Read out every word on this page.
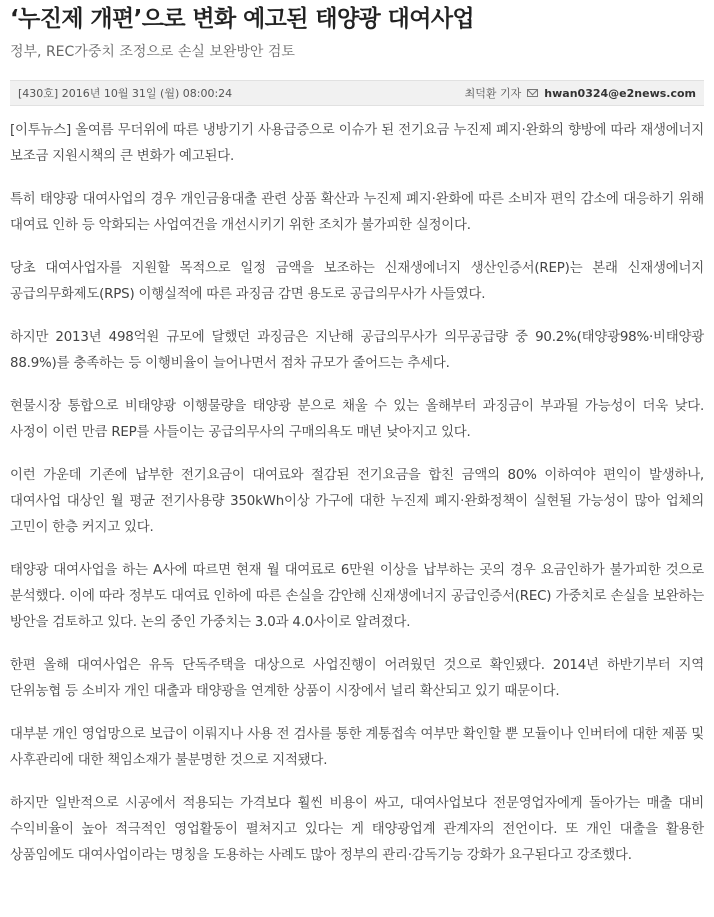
‘누진제 개편’으로 변화 예고된 태양광 대여사업
정부, REC가중치 조정으로 손실 보완방안 검토
[430호] 2016년 10월 31일 (월) 08:00:24	최덕환 기자 hwan0324@e2news.com

[이투뉴스] 올여름 무더위에 따른 냉방기기 사용급증으로 이슈가 된 전기요금 누진제 폐지·완화의 향방에 따라 재생에너지 보조금 지원시책의 큰 변화가 예고된다.

특히 태양광 대여사업의 경우 개인금융대출 관련 상품 확산과 누진제 폐지·완화에 따른 소비자 편익 감소에 대응하기 위해 대여료 인하 등 악화되는 사업여건을 개선시키기 위한 조치가 불가피한 실정이다.

당초 대여사업자를 지원할 목적으로 일정 금액을 보조하는 신재생에너지 생산인증서(REP)는 본래 신재생에너지 공급의무화제도(RPS) 이행실적에 따른 과징금 감면 용도로 공급의무사가 사들였다.

하지만 2013년 498억원 규모에 달했던 과징금은 지난해 공급의무사가 의무공급량 중 90.2%(태양광98%·비태양광 88.9%)를 충족하는 등 이행비율이 늘어나면서 점차 규모가 줄어드는 추세다.

현물시장 통합으로 비태양광 이행물량을 태양광 분으로 채울 수 있는 올해부터 과징금이 부과될 가능성이 더욱 낮다. 사정이 이런 만큼 REP를 사들이는 공급의무사의 구매의욕도 매년 낮아지고 있다.

이런 가운데 기존에 납부한 전기요금이 대여료와 절감된 전기요금을 합친 금액의 80% 이하여야 편익이 발생하나, 대여사업 대상인 월 평균 전기사용량 350kWh이상 가구에 대한 누진제 폐지·완화정책이 실현될 가능성이 많아 업체의 고민이 한층 커지고 있다.

태양광 대여사업을 하는 A사에 따르면 현재 월 대여료로 6만원 이상을 납부하는 곳의 경우 요금인하가 불가피한 것으로 분석했다. 이에 따라 정부도 대여료 인하에 따른 손실을 감안해 신재생에너지 공급인증서(REC) 가중치로 손실을 보완하는 방안을 검토하고 있다. 논의 중인 가중치는 3.0과 4.0사이로 알려졌다.

한편 올해 대여사업은 유독 단독주택을 대상으로 사업진행이 어려웠던 것으로 확인됐다. 2014년 하반기부터 지역 단위농협 등 소비자 개인 대출과 태양광을 연계한 상품이 시장에서 널리 확산되고 있기 때문이다.

대부분 개인 영업망으로 보급이 이뤄지나 사용 전 검사를 통한 계통접속 여부만 확인할 뿐 모듈이나 인버터에 대한 제품 및 사후관리에 대한 책임소재가 불분명한 것으로 지적됐다.

하지만 일반적으로 시공에서 적용되는 가격보다 훨씬 비용이 싸고, 대여사업보다 전문영업자에게 돌아가는 매출 대비 수익비율이 높아 적극적인 영업활동이 펼쳐지고 있다는 게 태양광업계 관계자의 전언이다. 또 개인 대출을 활용한 상품임에도 대여사업이라는 명칭을 도용하는 사례도 많아 정부의 관리·감독기능 강화가 요구된다고 강조했다.
